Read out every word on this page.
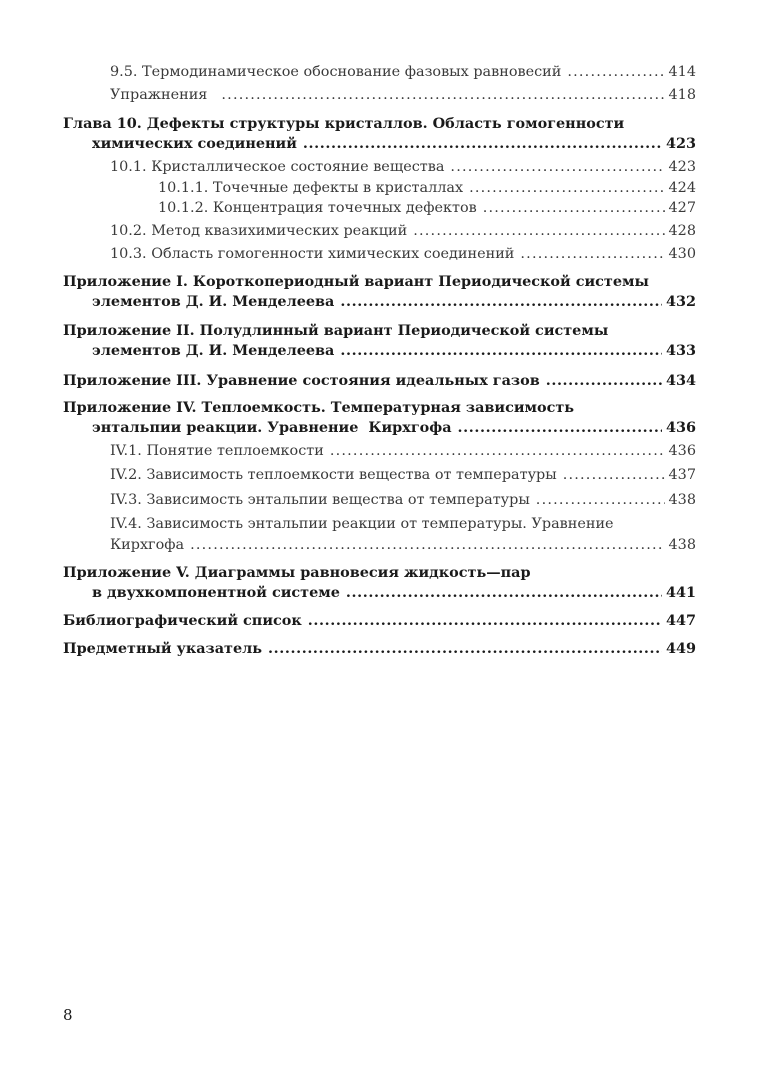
9.5. Термодинамическое обоснование фазовых равновесий .....	414
Упражнения .....	418
Глава 10. Дефекты структуры кристаллов. Область гомогенности
химических соединений .....	423
10.1. Кристаллическое состояние вещества .....	423
10.1.1. Точечные дефекты в кристаллах .....	424
10.1.2. Концентрация точечных дефектов .....	427
10.2. Метод квазихимических реакций .....	428
10.3. Область гомогенности химических соединений .....	430
Приложение I. Короткопериодный вариант Периодической системы
элементов Д. И. Менделеева .....	432
Приложение II. Полудлинный вариант Периодической системы
элементов Д. И. Менделеева .....	433
Приложение III. Уравнение состояния идеальных газов .....	434
Приложение IV. Теплоемкость. Температурная зависимость
энтальпии реакции. Уравнение  Кирхгофа .....	436
IV.1. Понятие теплоемкости .....	436
IV.2. Зависимость теплоемкости вещества от температуры .....	437
IV.3. Зависимость энтальпии вещества от температуры .....	438
IV.4. Зависимость энтальпии реакции от температуры. Уравнение
Кирхгофа .....	438
Приложение V. Диаграммы равновесия жидкость—пар
в двухкомпонентной системе .....	441
Библиографический список .....	447
Предметный указатель .....	449
8
